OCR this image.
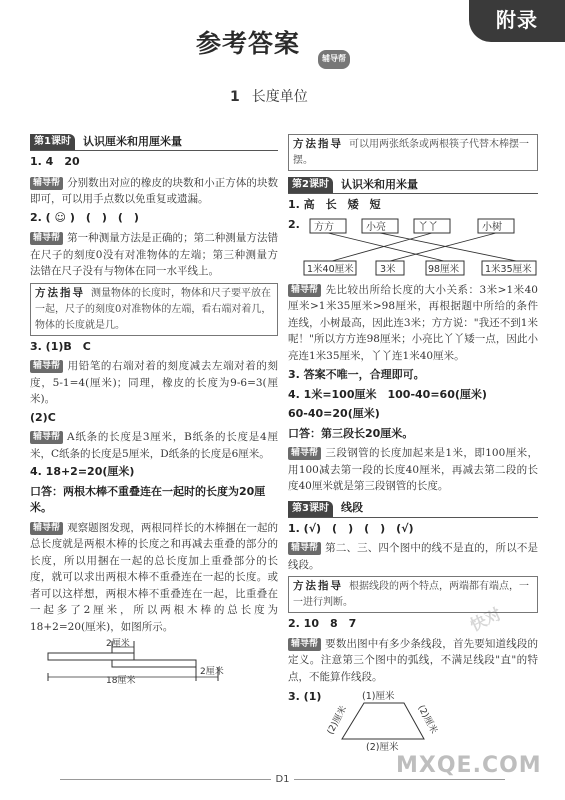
附录
参考答案
辅导帮
1 长度单位
第1课时	认识厘米和用厘米量
1. 4　20
辅导帮 分别数出对应的橡皮的块数和小正方体的块数即可，可以用手点数以免重复或遗漏。
2. ( ☺ )　(　)　(　)
辅导帮 第一种测量方法是正确的；第二种测量方法错在尺子的刻度0没有对准物体的左端；第三种测量方法错在尺子没有与物体在同一水平线上。
方法指导 测量物体的长度时，物体和尺子要平放在一起，尺子的刻度0对准物体的左端，看右端对着几，物体的长度就是几。
3. (1)B　C
辅导帮 用铅笔的右端对着的刻度减去左端对着的刻度，5-1=4(厘米)；同理，橡皮的长度为9-6=3(厘米)。
(2)C
辅导帮 A纸条的长度是3厘米，B纸条的长度是4厘米，C纸条的长度是5厘米，D纸条的长度是6厘米。
4. 18+2=20(厘米)
口答：两根木棒不重叠连在一起时的长度为20厘米。
辅导帮 观察题图发现，两根同样长的木棒捆在一起的总长度就是两根木棒的长度之和再减去重叠的部分的长度，所以用捆在一起的总长度加上重叠部分的长度，就可以求出两根木棒不重叠连在一起的长度。或者可以这样想，两根木棒不重叠连在一起，比重叠在一起多了2厘米，所以两根木棒的总长度为18+2=20(厘米)，如图所示。
2厘米
18厘米
2厘米
方法指导 可以用两张纸条或两根筷子代替木棒摆一摆。
第2课时	认识米和用米量
1. 高　长　矮　短
2. 方方	小亮	丫丫	小树
1米40厘米	3米	98厘米	1米35厘米
辅导帮 先比较出所给长度的大小关系：3米>1米40厘米>1米35厘米>98厘米，再根据题中所给的条件连线，小树最高，因此连3米；方方说："我还不到1米呢！"所以方方连98厘米；小亮比丫丫矮一点，因此小亮连1米35厘米，丫丫连1米40厘米。
3. 答案不唯一，合理即可。
4. 1米=100厘米　100-40=60(厘米)
60-40=20(厘米)
口答：第三段长20厘米。
辅导帮 三段钢管的长度加起来是1米，即100厘米，用100减去第一段的长度40厘米，再减去第二段的长度40厘米就是第三段钢管的长度。
第3课时	线段
1. (√)　(　)　(　)　(√)
辅导帮 第二、三、四个图中的线不是直的，所以不是线段。
方法指导 根据线段的两个特点，两端都有端点，一一进行判断。
2. 10　8　7
辅导帮 要数出图中有多少条线段，首先要知道线段的定义。注意第三个图中的弧线，不满足线段"直"的特点，不能算作线段。
3. (1)	(1)厘米
(2)厘米	(2)厘米
(2)厘米
D1
快对
MXQE.COM
